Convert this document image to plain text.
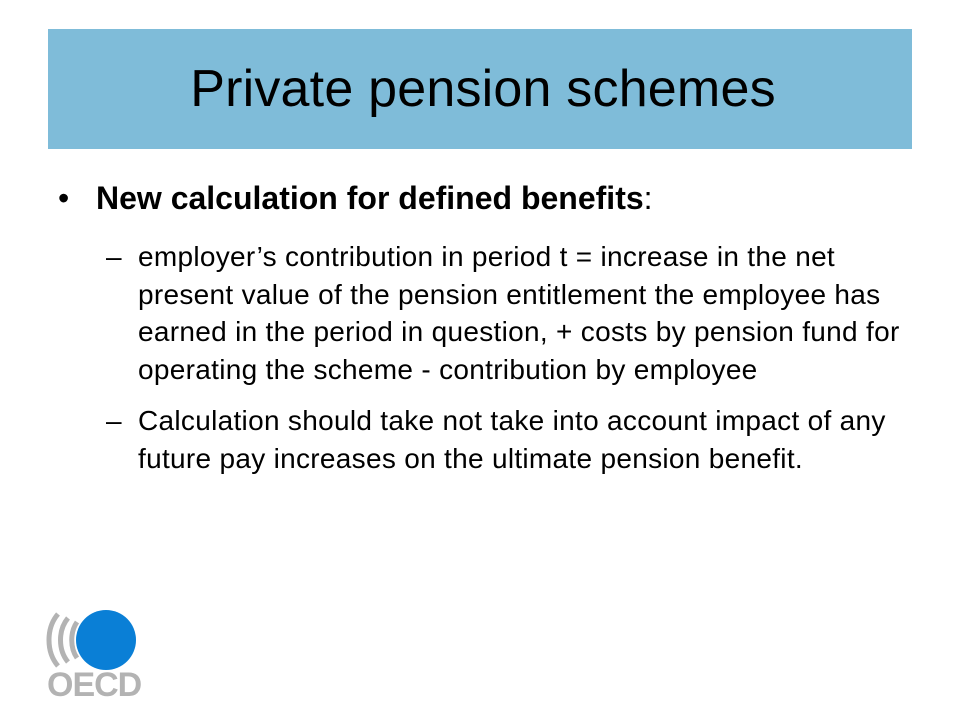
Private pension schemes
• New calculation for defined benefits:
– employer’s contribution in period t = increase in the net present value of the pension entitlement the employee has earned in the period in question, + costs by pension fund for operating the scheme - contribution by employee
– Calculation should take not take into account impact of any future pay increases on the ultimate pension benefit.
OECD
